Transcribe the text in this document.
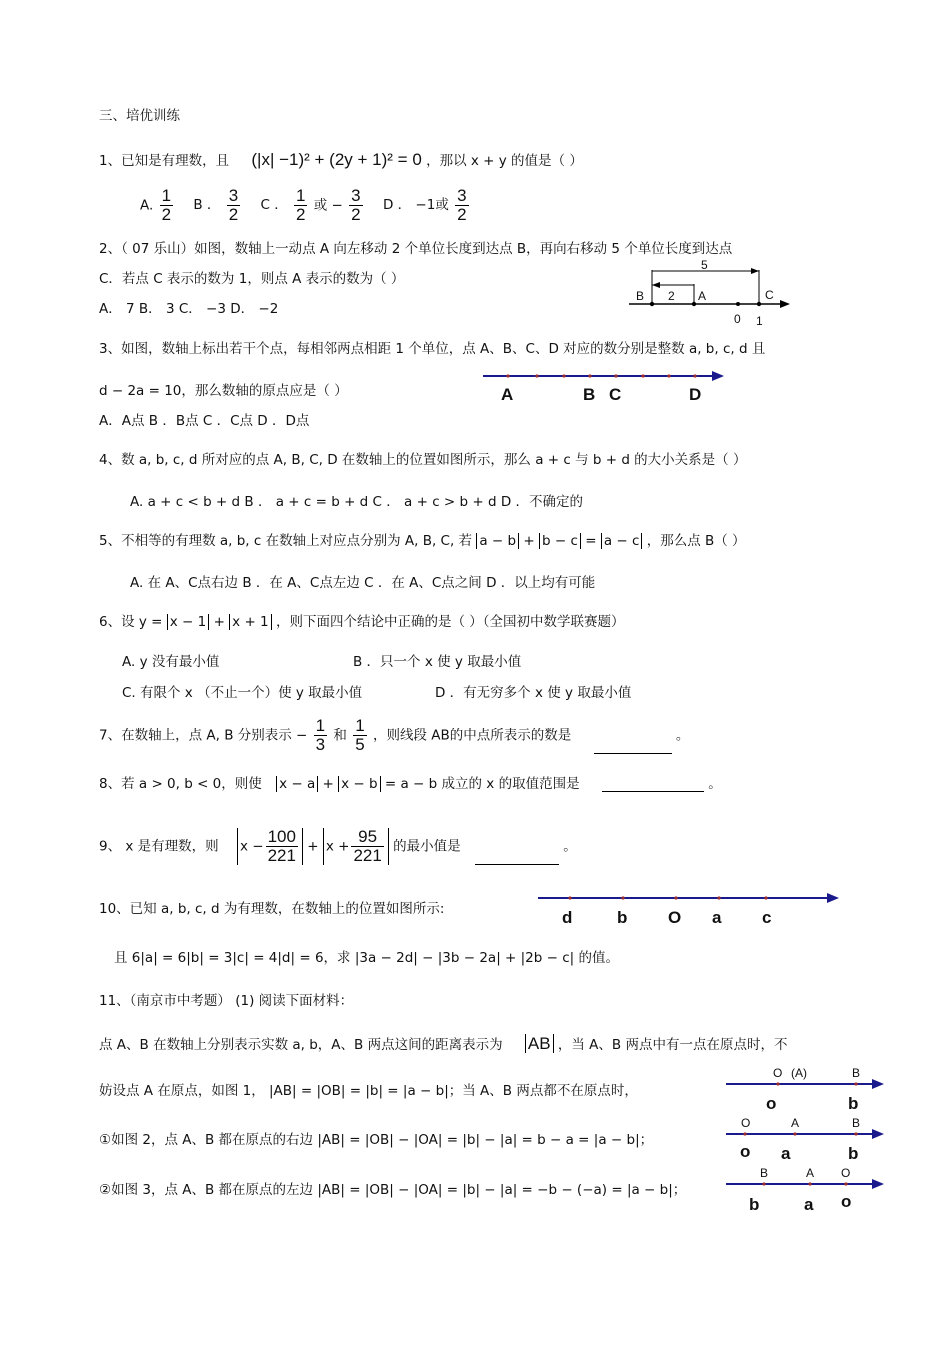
三、培优训练
1、已知是有理数，且 (|x| −1)² + (2y + 1)² = 0 ，那以 x + y 的值是（ ）
A. $\frac{1}{2}$ B ． $\frac{3}{2}$ C ． $\frac{1}{2}$ 或 − $\frac{3}{2}$ D ． −1或 $\frac{3}{2}$
2、（ 07 乐山）如图，数轴上一动点 A 向左移动 2 个单位长度到达点 B，再向右移动 5 个单位长度到达点
C．若点 C 表示的数为 1，则点 A 表示的数为（ ）
A． 7 B． 3 C． −3 D． −2
3、如图，数轴上标出若干个点，每相邻两点相距 1 个单位，点 A、B、C、D 对应的数分别是整数 a, b, c, d 且
d − 2a = 10，那么数轴的原点应是（ ）
A．A点 B ．B点 C ．C点 D ．D点
4、数 a, b, c, d 所对应的点 A, B, C, D 在数轴上的位置如图所示，那么 a + c 与 b + d 的大小关系是（ ）
A. a + c < b + d B ． a + c = b + d C ． a + c > b + d D ．不确定的
5、不相等的有理数 a, b, c 在数轴上对应点分别为 A, B, C, 若 a − b + b − c = a − c ，那么点 B（ ）
A. 在 A、C点右边 B ．在 A、C点左边 C ．在 A、C点之间 D ．以上均有可能
6、设 y = x − 1 + x + 1 ，则下面四个结论中正确的是（ ）（全国初中数学联赛题）
A. y 没有最小值	B ．只一个 x 使 y 取最小值
C. 有限个 x （不止一个）使 y 取最小值	D ．有无穷多个 x 使 y 取最小值
7、在数轴上，点 A, B 分别表示 − $\frac{1}{3}$ 和 $\frac{1}{5}$ ，则线段 AB的中点所表示的数是	。
8、若 a > 0, b < 0，则使 x − a + x − b = a − b 成立的 x 的取值范围是	。
9、 x 是有理数，则 $x - \frac{100}{221} + x + \frac{95}{221}$ 的最小值是	。
10、已知 a, b, c, d 为有理数，在数轴上的位置如图所示:
且 6|a| = 6|b| = 3|c| = 4|d| = 6，求 |3a − 2d| − |3b − 2a| + |2b − c| 的值。
11、（南京市中考题） (1) 阅读下面材料：
点 A、B 在数轴上分别表示实数 a, b，A、B 两点这间的距离表示为 AB ，当 A、B 两点中有一点在原点时，不
妨设点 A 在原点，如图 1， |AB| = |OB| = |b| = |a − b|；当 A、B 两点都不在原点时，
①如图 2，点 A、B 都在原点的右边 |AB| = |OB| − |OA| = |b| − |a| = b − a = |a − b|；
②如图 3，点 A、B 都在原点的左边 |AB| = |OB| − |OA| = |b| − |a| = −b − (−a) = |a − b|；
5
2
B	A	C
0 1
A	B C	D
d	b O a c
O (A)	B
o	b
O	A	B
o a	b
B	A O
b	a o
